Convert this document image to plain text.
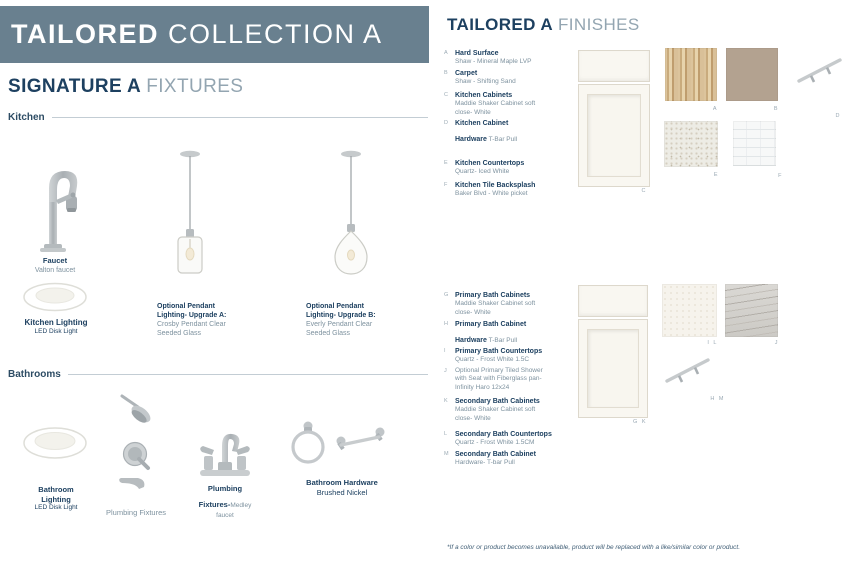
TAILORED COLLECTION A
SIGNATURE A FIXTURES
Kitchen
Faucet
Valton faucet
Kitchen Lighting
LED Disk Light
Optional Pendant
Lighting- Upgrade A:
Crosby Pendant Clear
Seeded Glass
Optional Pendant
Lighting- Upgrade B:
Everly Pendant Clear
Seeded Glass
Bathrooms
Bathroom
Lighting
LED Disk Light
Plumbing Fixtures
Plumbing
Fixtures-Medley
faucet
Bathroom Hardware
Brushed Nickel
TAILORED A FINISHES
A	Hard Surface
Shaw - Mineral Maple LVP
B	Carpet
Shaw - Shifting Sand
C	Kitchen Cabinets
Maddie Shaker Cabinet soft
close- White
D	Kitchen Cabinet
Hardware T-Bar Pull
E	Kitchen Countertops
Quartz- Iced White
F	Kitchen Tile Backsplash
Baker Blvd - White picket
G Primary Bath Cabinets
Maddie Shaker Cabinet soft
close- White
H	Primary Bath Cabinet
Hardware T-Bar Pull
I	Primary Bath Countertops
Quartz - Frost White 1.5C
J	Optional Primary Tiled Shower
with Seat with Fiberglass pan-
Infinity Haro 12x24
K	Secondary Bath Cabinets
Maddie Shaker Cabinet soft
close- White
L	Secondary Bath Countertops
Quartz - Frost White 1.5CM
M Secondary Bath Cabinet
Hardware- T-bar Pull
C
A	B
D
E	F
G  K
I  L	J
H  M
*If a color or product becomes unavailable, product will be replaced with a like/similar color or product.
